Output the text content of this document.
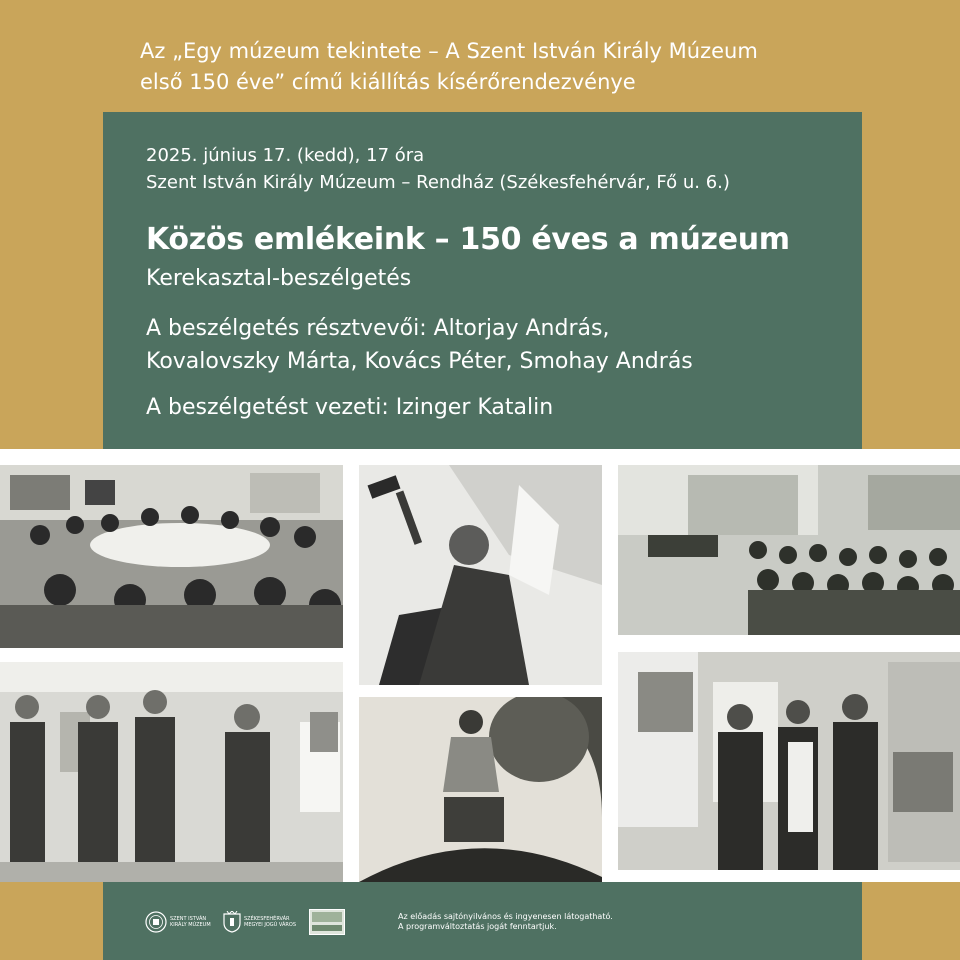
Az „Egy múzeum tekintete – A Szent István Király Múzeum
első 150 éve” című kiállítás kísérőrendezvénye
2025. június 17. (kedd), 17 óra
Szent István Király Múzeum – Rendház (Székesfehérvár, Fő u. 6.)
Közös emlékeink – 150 éves a múzeum
Kerekasztal-beszélgetés
A beszélgetés résztvevői: Altorjay András,
Kovalovszky Márta, Kovács Péter, Smohay András
A beszélgetést vezeti: Izinger Katalin
SZENT ISTVÁN
KIRÁLY MÚZEUM
SZÉKESFEHÉRVÁR
MEGYEI JOGÚ VÁROS
Az előadás sajtónyilvános és ingyenesen látogatható.
A programváltoztatás jogát fenntartjuk.
